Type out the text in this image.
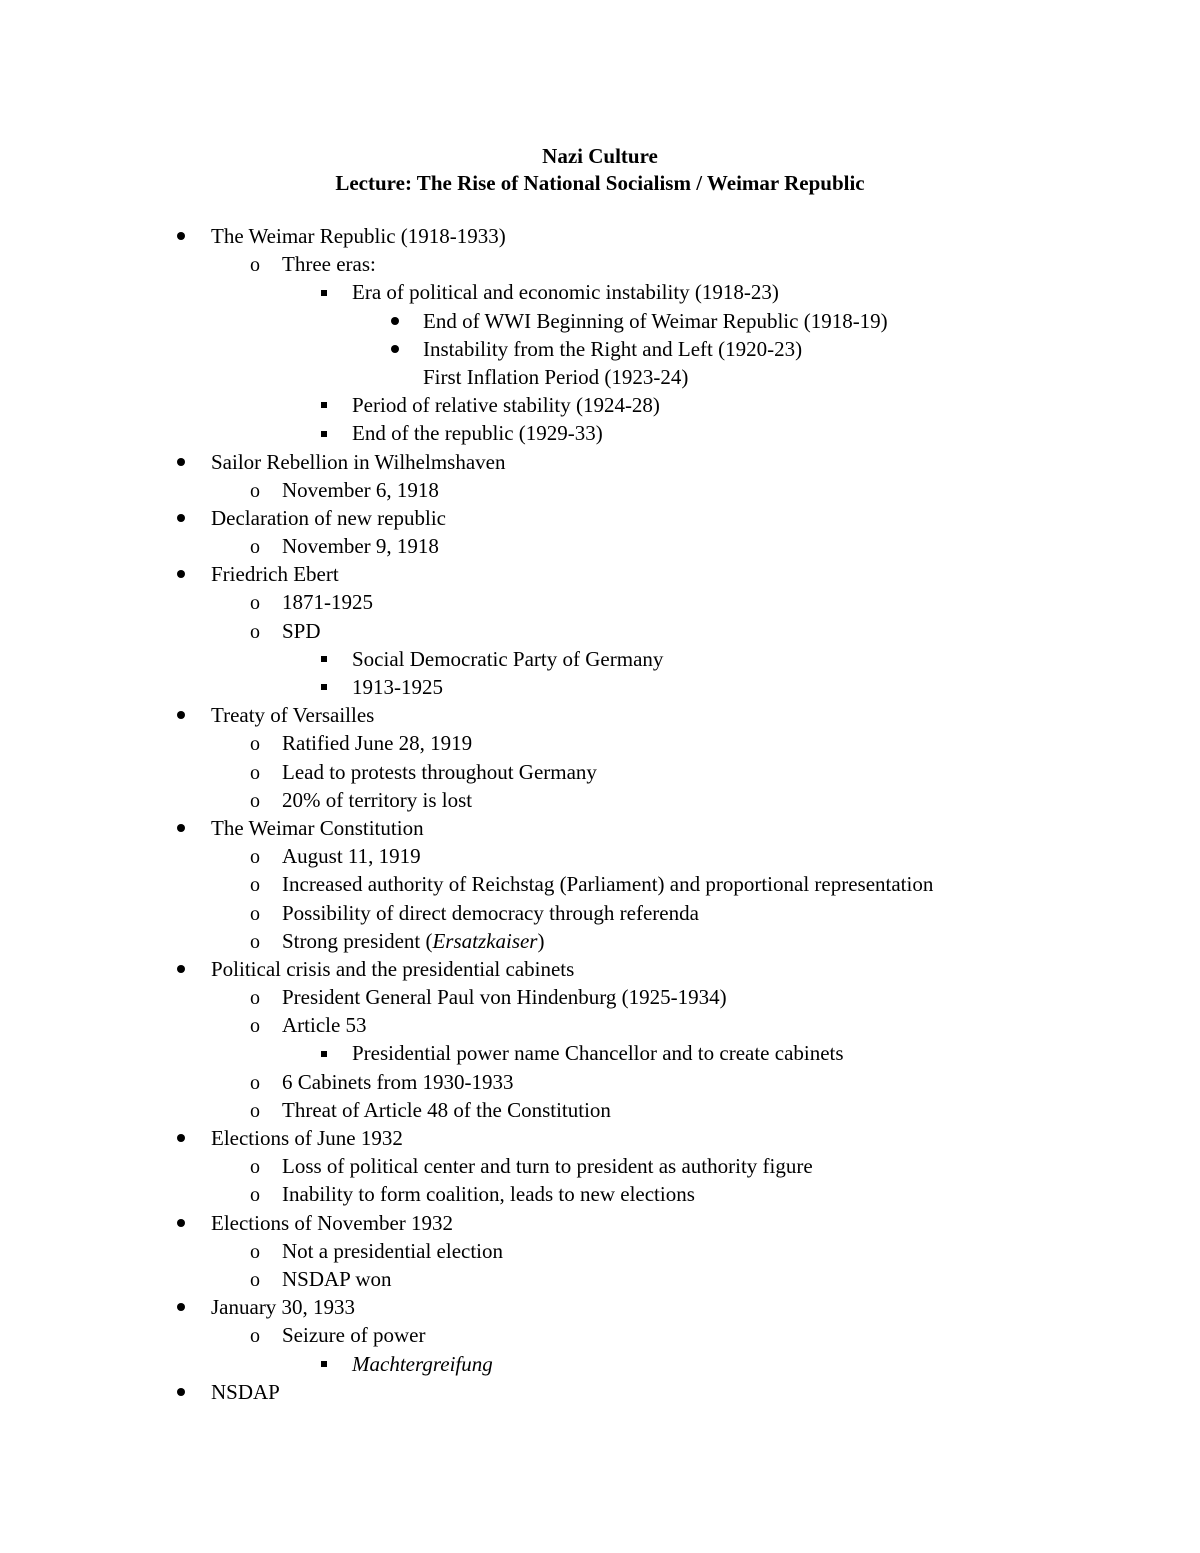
Nazi Culture
Lecture: The Rise of National Socialism / Weimar Republic
The Weimar Republic (1918-1933)
o Three eras:
Era of political and economic instability (1918-23)
End of WWI Beginning of Weimar Republic (1918-19)
Instability from the Right and Left (1920-23)
First Inflation Period (1923-24)
Period of relative stability (1924-28)
End of the republic (1929-33)
Sailor Rebellion in Wilhelmshaven
o November 6, 1918
Declaration of new republic
o November 9, 1918
Friedrich Ebert
o 1871-1925
o SPD
Social Democratic Party of Germany
1913-1925
Treaty of Versailles
o Ratified June 28, 1919
o Lead to protests throughout Germany
o 20% of territory is lost
The Weimar Constitution
o August 11, 1919
o Increased authority of Reichstag (Parliament) and proportional representation
o Possibility of direct democracy through referenda
o Strong president (Ersatzkaiser)
Political crisis and the presidential cabinets
o President General Paul von Hindenburg (1925-1934)
o Article 53
Presidential power name Chancellor and to create cabinets
o 6 Cabinets from 1930-1933
o Threat of Article 48 of the Constitution
Elections of June 1932
o Loss of political center and turn to president as authority figure
o Inability to form coalition, leads to new elections
Elections of November 1932
o Not a presidential election
o NSDAP won
January 30, 1933
o Seizure of power
Machtergreifung
NSDAP
